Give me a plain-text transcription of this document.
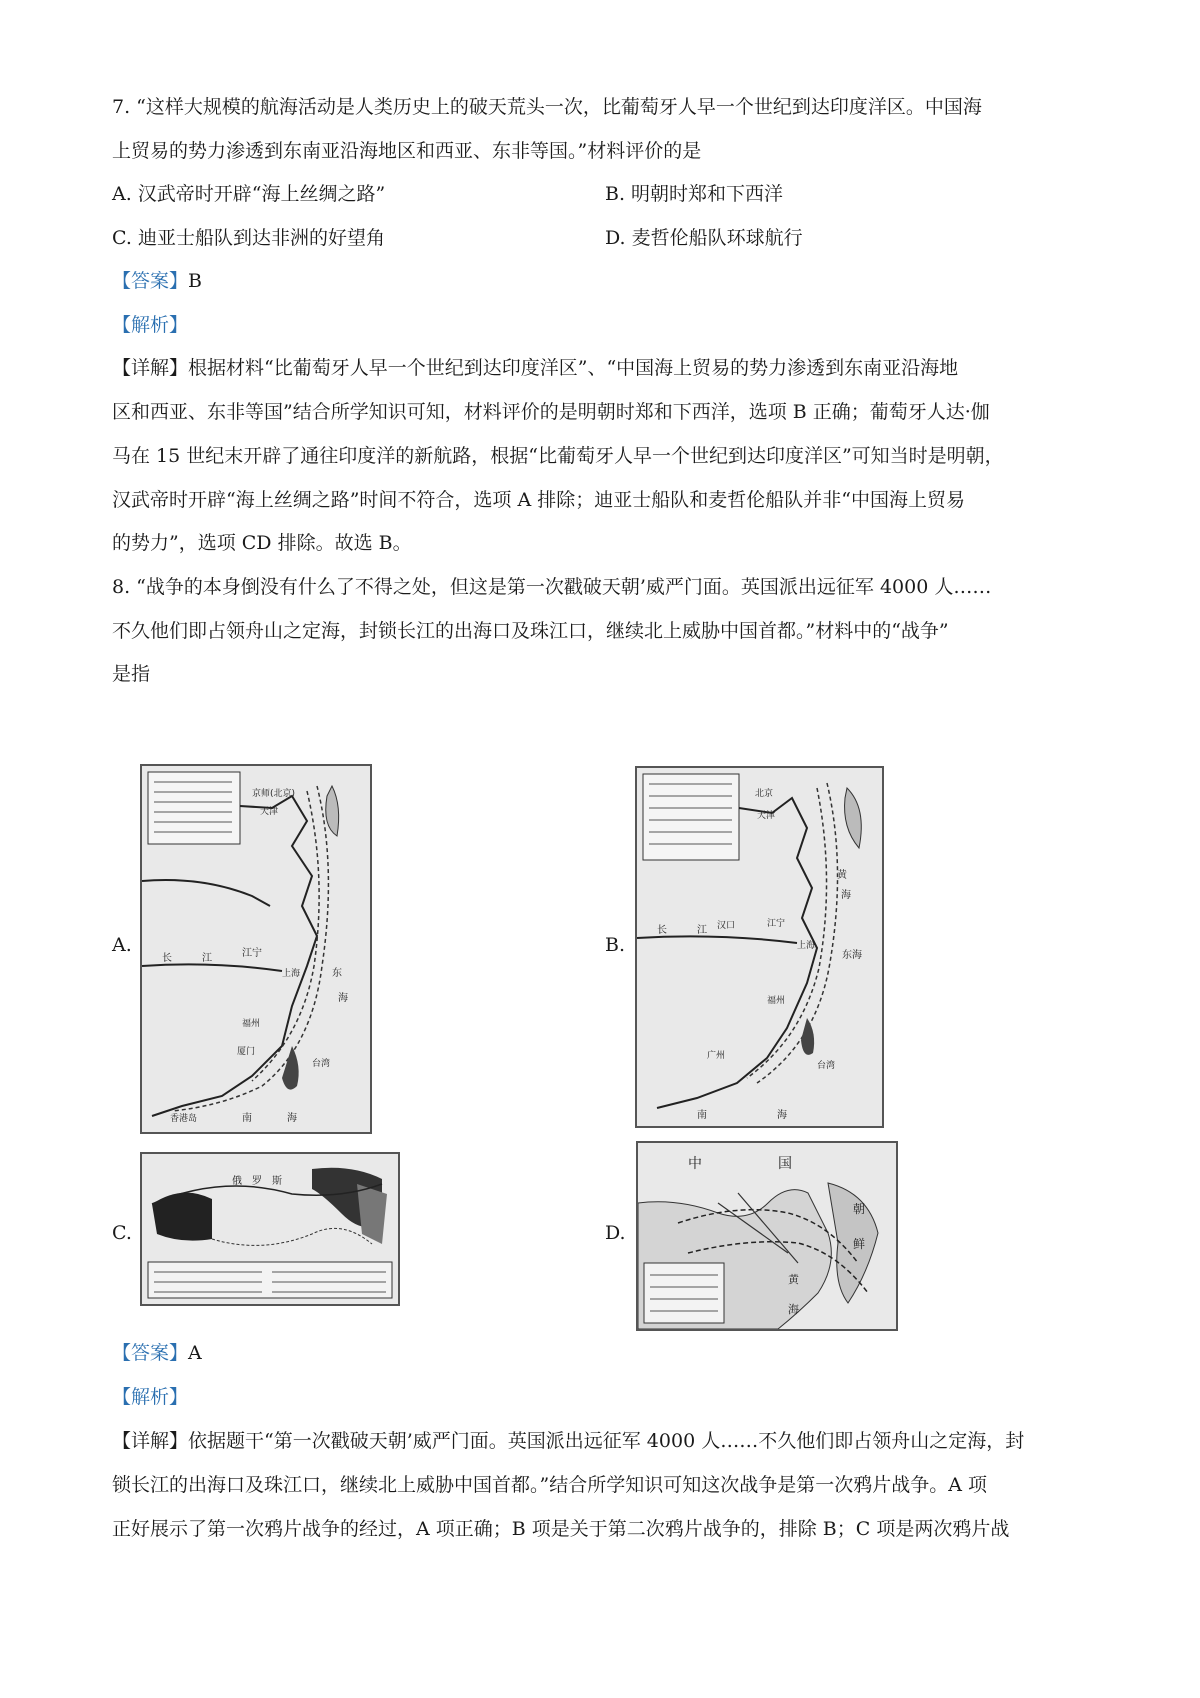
7. “这样大规模的航海活动是人类历史上的破天荒头一次，比葡萄牙人早一个世纪到达印度洋区。中国海
上贸易的势力渗透到东南亚沿海地区和西亚、东非等国。”材料评价的是
A. 汉武帝时开辟“海上丝绸之路”	B. 明朝时郑和下西洋
C. 迪亚士船队到达非洲的好望角	D. 麦哲伦船队环球航行
【答案】B
【解析】
【详解】根据材料“比葡萄牙人早一个世纪到达印度洋区”、“中国海上贸易的势力渗透到东南亚沿海地
区和西亚、东非等国”结合所学知识可知，材料评价的是明朝时郑和下西洋，选项 B 正确；葡萄牙人达·伽
马在 15 世纪末开辟了通往印度洋的新航路，根据“比葡萄牙人早一个世纪到达印度洋区”可知当时是明朝，
汉武帝时开辟“海上丝绸之路”时间不符合，选项 A 排除；迪亚士船队和麦哲伦船队并非“中国海上贸易
的势力”，选项 CD 排除。故选 B。
8. “战争的本身倒没有什么了不得之处，但这是第一次戳破天朝’威严门面。英国派出远征军 4000 人……
不久他们即占领舟山之定海，封锁长江的出海口及珠江口，继续北上威胁中国首都。”材料中的“战争”
是指
A.	B.
C.	D.
京师(北京)
天津
江宁
上海	东
海
福州
厦门
台湾
香港岛	南	海
长	江
北京
天津
黄
海
江宁
上海
东海
福州
汉口
广州
南	海
台湾
长	江
俄 罗 斯
中	国
朝
鲜
黄
海
【答案】A
【解析】
【详解】依据题干“第一次戳破天朝’威严门面。英国派出远征军 4000 人……不久他们即占领舟山之定海，封
锁长江的出海口及珠江口，继续北上威胁中国首都。”结合所学知识可知这次战争是第一次鸦片战争。A 项
正好展示了第一次鸦片战争的经过，A 项正确；B 项是关于第二次鸦片战争的，排除 B；C 项是两次鸦片战
